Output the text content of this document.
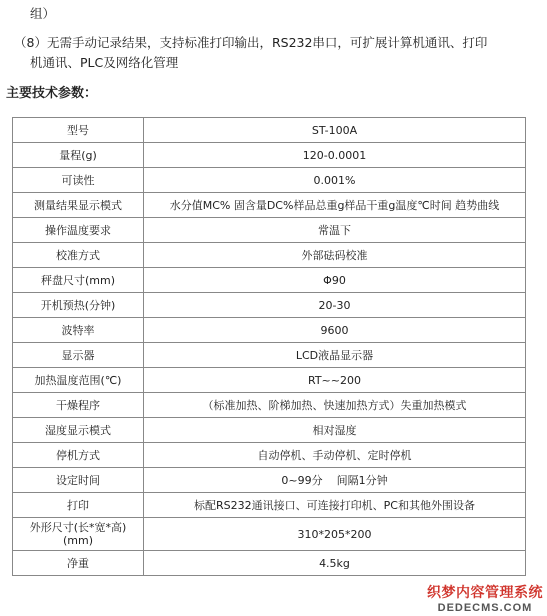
组）
（8）无需手动记录结果，支持标准打印输出，RS232串口，可扩展计算机通讯、打印
机通讯、PLC及网络化管理
主要技术参数：
型号	ST-100A
量程(g)	120-0.0001
可读性	0.001%
测量结果显示模式	水分值MC% 固含量DC%样品总重g样品干重g温度℃时间 趋势曲线
操作温度要求	常温下
校准方式	外部砝码校准
秤盘尺寸(mm)	Φ90
开机预热(分钟)	20-30
波特率	9600
显示器	LCD液晶显示器
加热温度范围(℃)	RT~~200
干燥程序	（标准加热、阶梯加热、快速加热方式）失重加热模式
湿度显示模式	相对湿度
停机方式	自动停机、手动停机、定时停机
设定时间	0~99分    间隔1分钟
打印	标配RS232通讯接口、可连接打印机、PC和其他外围设备
外形尺寸(长*宽*高)(mm)	310*205*200
净重	4.5kg
织梦内容管理系统
DEDECMS.COM
